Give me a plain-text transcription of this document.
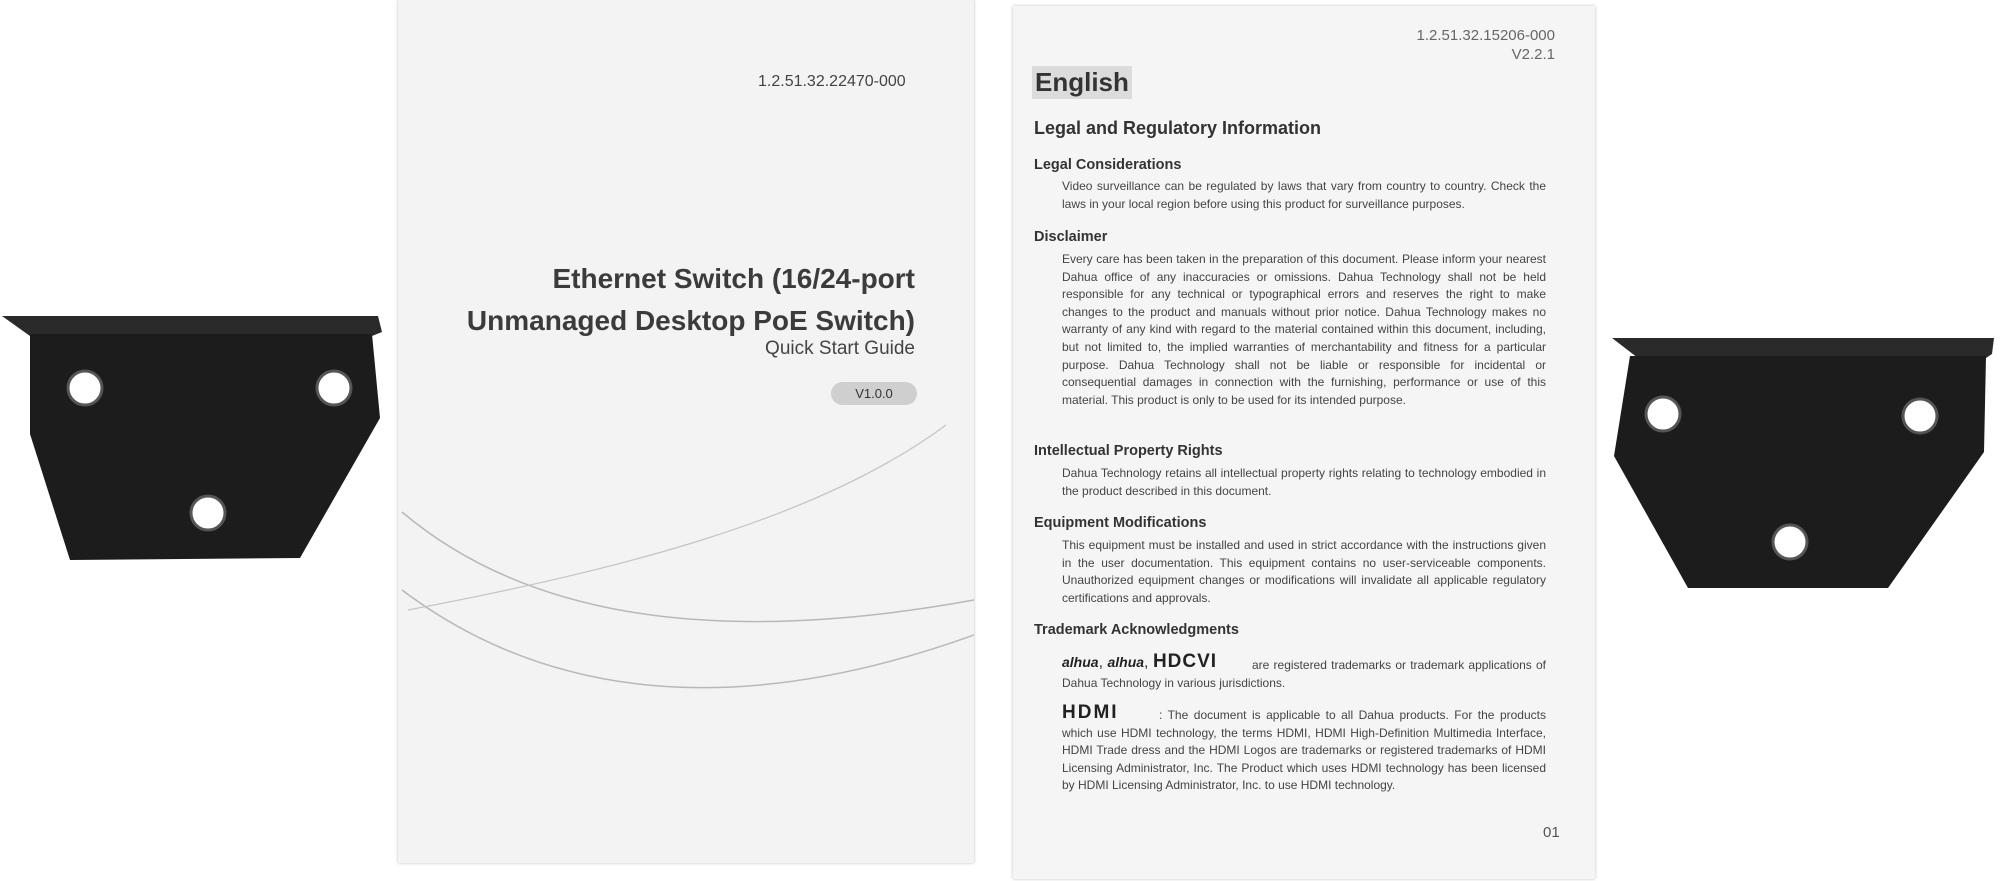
1.2.51.32.22470-000
Ethernet Switch (16/24-port
Unmanaged Desktop PoE Switch)
Quick Start Guide
V1.0.0
1.2.51.32.15206-000
V2.2.1
English
Legal and Regulatory Information
Legal Considerations

Video surveillance can be regulated by laws that vary from country to country. Check the laws in your local region before using this product for surveillance purposes.

Disclaimer

Every care has been taken in the preparation of this document. Please inform your nearest Dahua office of any inaccuracies or omissions. Dahua Technology shall not be held responsible for any technical or typographical errors and reserves the right to make changes to the product and manuals without prior notice. Dahua Technology makes no warranty of any kind with regard to the material contained within this document, including, but not limited to, the implied warranties of merchantability and fitness for a particular purpose. Dahua Technology shall not be liable or responsible for incidental or consequential damages in connection with the furnishing, performance or use of this material. This product is only to be used for its intended purpose.

Intellectual Property Rights

Dahua Technology retains all intellectual property rights relating to technology embodied in the product described in this document.

Equipment Modifications

This equipment must be installed and used in strict accordance with the instructions given in the user documentation. This equipment contains no user-serviceable components. Unauthorized equipment changes or modifications will invalidate all applicable regulatory certifications and approvals.

Trademark Acknowledgments
alhua, alhua, HDCVI	are registered trademarks or trademark applications of Dahua Technology in various jurisdictions.

HDMI	: The document is applicable to all Dahua products. For the products which use HDMI technology, the terms HDMI, HDMI High-Definition Multimedia Interface, HDMI Trade dress and the HDMI Logos are trademarks or registered trademarks of HDMI Licensing Administrator, Inc. The Product which uses HDMI technology has been licensed by HDMI Licensing Administrator, Inc. to use HDMI technology.

01
